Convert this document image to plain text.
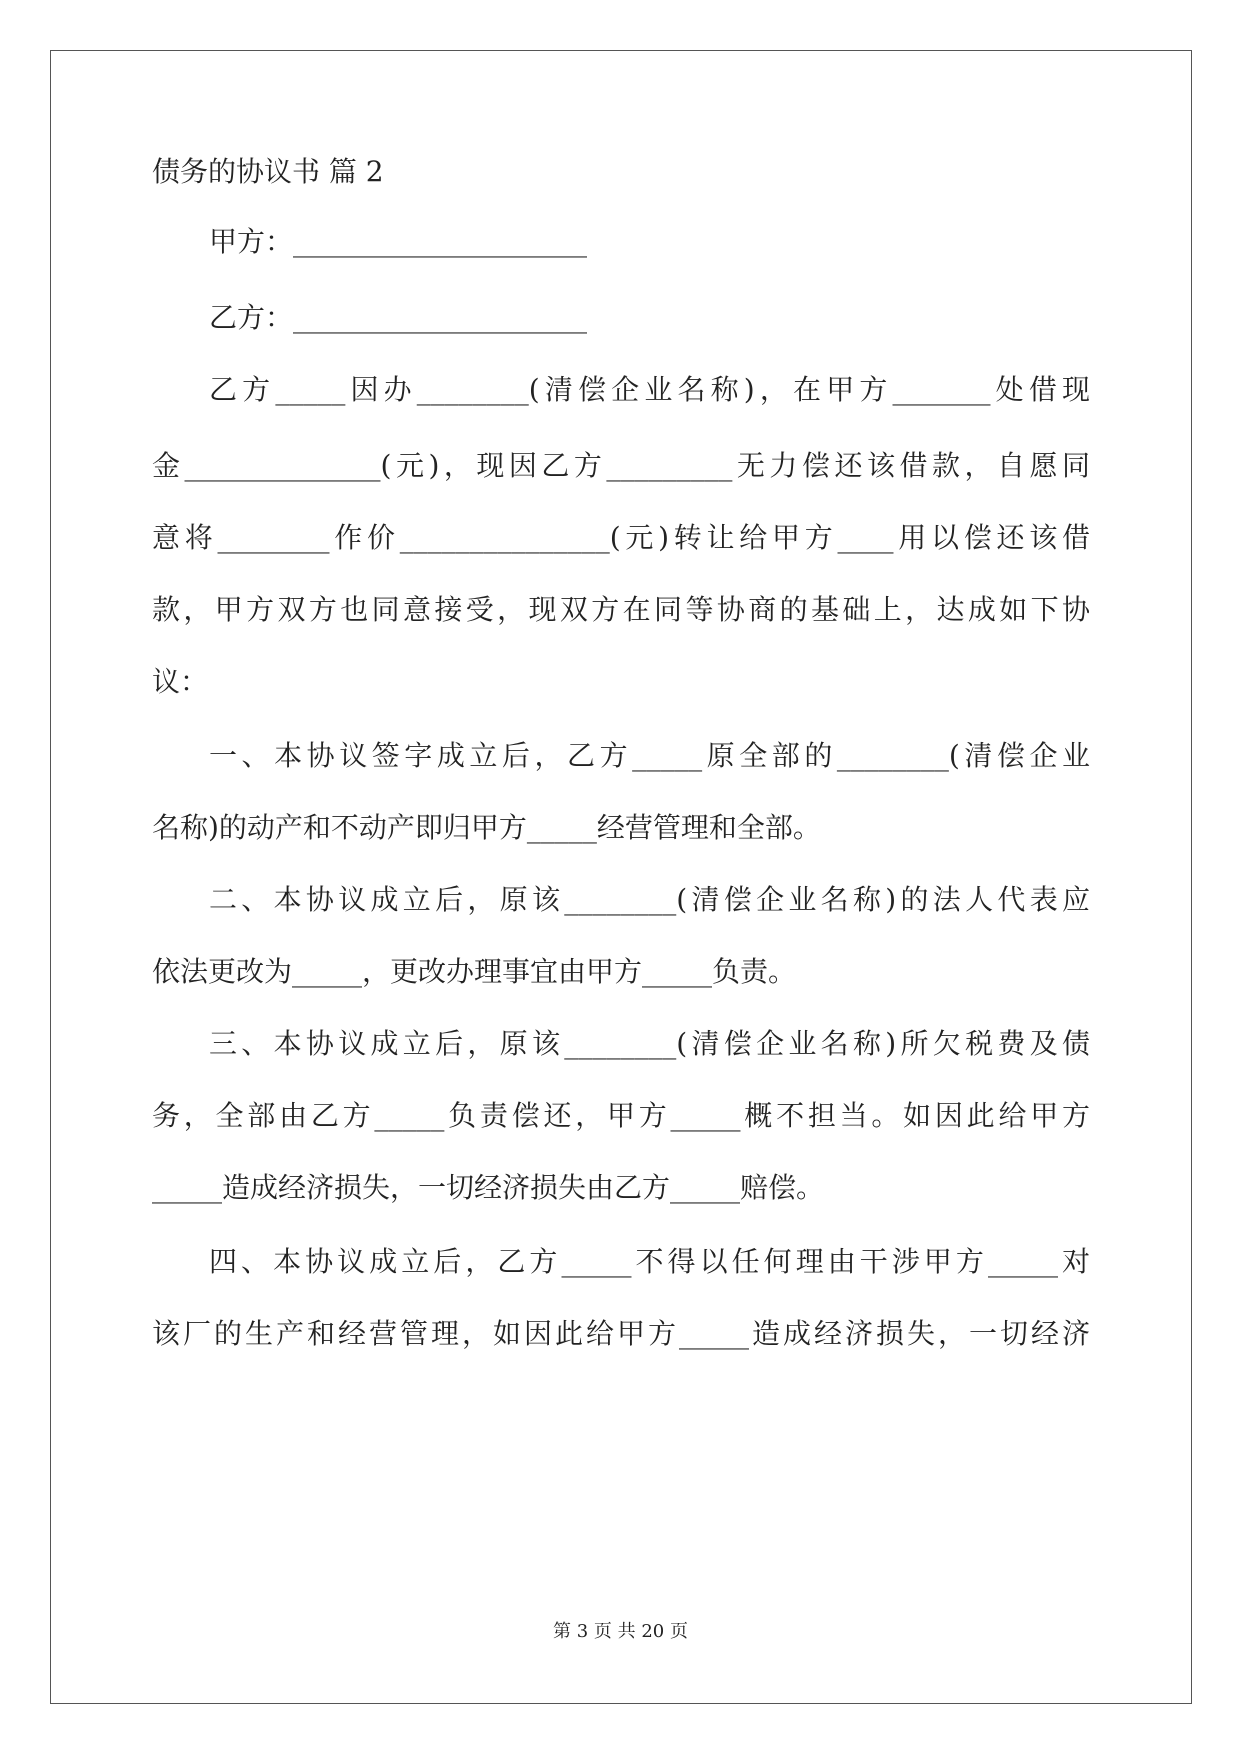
债务的协议书 篇 2
甲方：_____________________
乙方：_____________________
乙方_____因办________(清偿企业名称)，在甲方_______处借现
金______________(元)，现因乙方_________无力偿还该借款，自愿同
意将________作价_______________(元)转让给甲方____用以偿还该借
款，甲方双方也同意接受，现双方在同等协商的基础上，达成如下协
议：
一、本协议签字成立后，乙方_____原全部的________(清偿企业
名称)的动产和不动产即归甲方_____经营管理和全部。
二、本协议成立后，原该________(清偿企业名称)的法人代表应
依法更改为_____，更改办理事宜由甲方_____负责。
三、本协议成立后，原该________(清偿企业名称)所欠税费及债
务，全部由乙方_____负责偿还，甲方_____概不担当。如因此给甲方
_____造成经济损失，一切经济损失由乙方_____赔偿。
四、本协议成立后，乙方_____不得以任何理由干涉甲方_____对
该厂的生产和经营管理，如因此给甲方_____造成经济损失，一切经济
第 3 页 共 20 页
